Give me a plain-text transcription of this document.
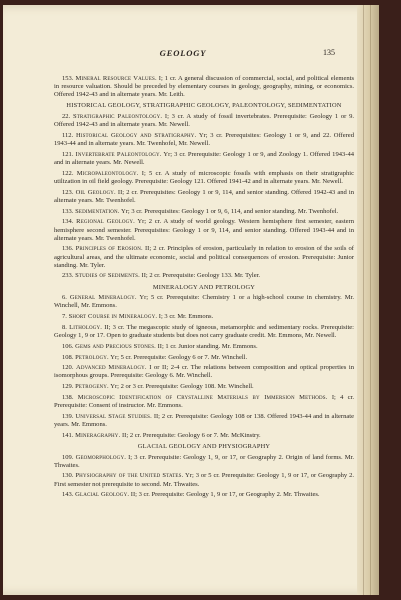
GEOLOGY	135

153. Mineral Resource Values. I; 1 cr. A general discussion of commercial, social, and political elements in resource valuation. Should be preceded by elementary courses in geology, geography, mining, or economics. Offered 1942-43 and in alternate years. Mr. Leith.

HISTORICAL GEOLOGY, STRATIGRAPHIC GEOLOGY, PALEONTOLOGY, SEDIMENTATION

22. Stratigraphic Paleontology. I; 3 cr. A study of fossil invertebrates. Prerequisite: Geology 1 or 9. Offered 1942-43 and in alternate years. Mr. Newell.

112. Historical Geology and Stratigraphy. Yr; 3 cr. Prerequisites: Geology 1 or 9, and 22. Offered 1943-44 and in alternate years. Mr. Twenhofel, Mr. Newell.

121. Invertebrate Paleontology. Yr; 3 cr. Prerequisite: Geology 1 or 9, and Zoology 1. Offered 1943-44 and in alternate years. Mr. Newell.

122. Micropaleontology. I; 5 cr. A study of microscopic fossils with emphasis on their stratigraphic utilization in oil field geology. Prerequisite: Geology 121. Offered 1941-42 and in alternate years. Mr. Newell.

123. Oil Geology. II; 2 cr. Prerequisites: Geology 1 or 9, 114, and senior standing. Offered 1942-43 and in alternate years. Mr. Twenhofel.

133. Sedimentation. Yr; 3 cr. Prerequisites: Geology 1 or 9, 6, 114, and senior standing. Mr. Twenhofel.

134. Regional Geology. Yr; 2 cr. A study of world geology. Western hemisphere first semester, eastern hemisphere second semester. Prerequisites: Geology 1 or 9, 114, and senior standing. Offered 1943-44 and in alternate years. Mr. Twenhofel.

136. Principles of Erosion. II; 2 cr. Principles of erosion, particularly in relation to erosion of the soils of agricultural areas, and the ultimate economic, social and political consequences of erosion. Prerequisite: Junior standing. Mr. Tyler.

233. Studies of Sediments. II; 2 cr. Prerequisite: Geology 133. Mr. Tyler.

MINERALOGY AND PETROLOGY

6. General Mineralogy. Yr; 5 cr. Prerequisite: Chemistry 1 or a high-school course in chemistry. Mr. Winchell, Mr. Emmons.

7. Short Course in Mineralogy. I; 3 cr. Mr. Emmons.

8. Lithology. II; 3 cr. The megascopic study of igneous, metamorphic and sedimentary rocks. Prerequisite: Geology 1, 9 or 17. Open to graduate students but does not carry graduate credit. Mr. Emmons, Mr. Newell.

106. Gems and Precious Stones. II; 1 cr. Junior standing. Mr. Emmons.

108. Petrology. Yr; 5 cr. Prerequisite: Geology 6 or 7. Mr. Winchell.

120. Advanced Mineralogy. I or II; 2-4 cr. The relations between composition and optical properties in isomorphous groups. Prerequisite: Geology 6. Mr. Winchell.

129. Petrogeny. Yr; 2 or 3 cr. Prerequisite: Geology 108. Mr. Winchell.

138. Microscopic Identification of Crystalline Materials by Immersion Methods. I; 4 cr. Prerequisite: Consent of instructor. Mr. Emmons.

139. Universal Stage Studies. II; 2 cr. Prerequisite: Geology 108 or 138. Offered 1943-44 and in alternate years. Mr. Emmons.

141. Mineragraphy. II; 2 cr. Prerequisite: Geology 6 or 7. Mr. McKinstry.

GLACIAL GEOLOGY AND PHYSIOGRAPHY

109. Geomorphology. I; 3 cr. Prerequisite: Geology 1, 9, or 17, or Geography 2. Origin of land forms. Mr. Thwaites.

130. Physiography of the United States. Yr; 3 or 5 cr. Prerequisite: Geology 1, 9 or 17, or Geography 2. First semester not prerequisite to second. Mr. Thwaites.

143. Glacial Geology. II; 3 cr. Prerequisite: Geology 1, 9 or 17, or Geography 2. Mr. Thwaites.
